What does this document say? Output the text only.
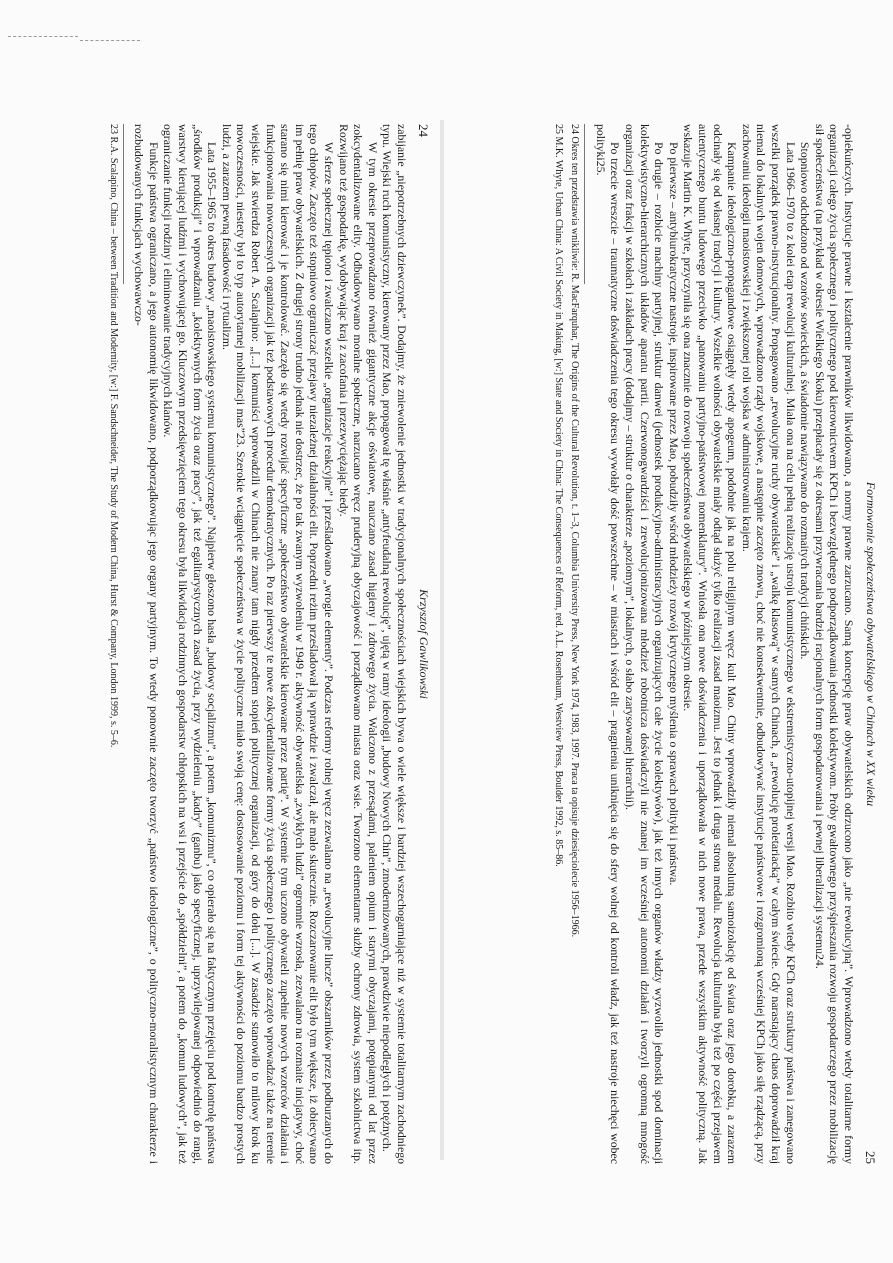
24
Krzysztof Gawlikowski

zabijanie „niepotrzebnych dziewczynek”. Dodajmy, że zniewolenie jednostki w tradycjonalnych społecznościach wiejskich bywa o wiele większe i bardziej wszechogarniające niż w systemie totalitarnym zachodniego typu. Wiejski ruch komunistyczny, kierowany przez Mao, propagował tę właśnie „antyfeudalną rewolucję”, ujętą w ramy ideologii „budowy Nowych Chin”, zmodernizowanych, prawdziwie niepodległych i potężnych.

W tym okresie przeprowadzano również gigantyczne akcje oświatowe, nauczano zasad higieny i zdrowego życia. Walczono z przesądami, paleniem opium i starymi obyczajami, potępianymi od lat przez zokcydentalizowane elity. Odbudowywano moralne społeczne, narzucano wręcz pruderyjną obyczajowość i porządkowano miasta oraz wsie. Tworzono elementarne służby ochrony zdrowia, system szkolnictwa itp. Rozwijano też gospodarkę, wydobywając kraj z zacofania i przezwyciężając biedy.

W sferze społecznej tępiono i zwalczano wszelkie „organizacje reakcyjne” i prześladowano „wrogie elementy”. Podczas reformy rolnej wręcz zezwalano na „rewolucyjne lincze” obszarników przez podburzanych do tego chłopów. Zaczęto też stopniowo ograniczać przejawy niezależnej działalności elit. Poprzedni reżim prześladował ją wprawdzie i zwalczał, ale mało skutecznie. Rozczarowanie elit było tym większe, iż obiecywano im pełnię praw obywatelskich. Z drugiej strony trudno jednak nie dostrzec, że po tak zwanym wyzwoleniu w 1949 r. aktywność obywatelska „zwykłych ludzi” ogromnie wzrosła, zezwalano na rozmaite inicjatywy, choć starano się nimi kierować i je kontrolować. Zaczęło się wtedy rozwijać specyficzne „społeczeństwo obywatelskie kierowane przez partię”. W systemie tym uczono obywateli zupełnie nowych wzorców działania i funkcjonowania nowoczesnych organizacji jak też podstawowych procedur demokratycznych. Po raz pierwszy te nowe zokcydentalizowane formy życia społecznego i politycznego zaczęto wprowadzać także na terenie wiejskie. Jak stwierdza Robert A. Scalapino: „[...] komuniści wprowadzili w Chinach nie znany tam nigdy przedtem stopień politycznej organizacji, od góry do dołu [...]. W zasadzie stanowiło to milowy krok ku nowoczesności, niestety był to typ autorytarnej mobilizacji mas”23. Szerokie wciągnięcie społeczeństwa w życie polityczne miało swoją cenę: dostosowanie poziomu i form tej aktywności do poziomu bardzo prostych ludzi, a zarazem pewną fasadowość i rytualizm.

Lata 1955–1965 to okres budowy „maoistowskiego systemu komunistycznego”. Najpierw głoszono hasła „budowy socjalizmu”, a potem „komunizmu”, co opierało się na faktycznym przejęciu pod kontrolę państwa „środków produkcji” i wprowadzaniu „kolektywnych form życia oraz pracy”, jak też egalitarystycznych zasad życia, przy wydzieleniu „kadry” (ganbu) jako specyficznej, uprzywilejowanej odpowiednio do rangi, warstwy kierującej ludźmi i wychowującej go. Kluczowym przedsięwzięciem tego okresu była likwidacja rodzinnych gospodarstw chłopskich na wsi i przejście do „spółdzielni”, a potem do „komun ludowych”, jak też ograniczanie funkcji rodziny i eliminowanie tradycyjnych klanów.

Funkcje państwa ograniczano, a jego autonomię likwidowano, podporządkowując jego organy partyjnym. To wtedy ponownie zaczęto tworzyć „państwo ideologiczne”, o polityczno-moralistycznym charakterze i rozbudowanych funkcjach wychowawczo-

23 R.A. Scalapino, China – between Tradition and Modernity, [w:] F. Sandschneider, The Study of Modern China, Hurst & Company, London 1999, s. 5–6.	Formowanie społeczeństwa obywatelskiego w Chinach w XX wieku
25

-opiekuńczych. Instytucje prawne i kształcenie prawników likwidowano, a normy prawne zarzucano. Samą koncepcję praw obywatelskich odrzucono jako „nie rewolucyjną”. Wprowadzono wtedy totalitarne formy organizacji całego życia społecznego i politycznego pod kierownictwem KPCh i bezwzględnego podporządkowania jednostki kolektywom. Próby gwałtownego przyśpieszania rozwoju gospodarczego przez mobilizację sił społeczeństwa (na przykład w okresie Wielkiego Skoku) przepłacały się z okresami przywracania bardziej racjonalnych form gospodarowania i pewnej liberalizacji systemu24.

Stopniowo odchodzono od wzorów sowieckich, a świadomie nawiązywano do rozmaitych tradycji chińskich.

Lata 1966–1970 to z kolei etap rewolucji kulturalnej. Miała ona na celu pełną realizację ustroju komunistycznego w ekstremistyczno-utopijnej wersji Mao. Rozbito wtedy KPCh oraz struktury państwa i zanegowano wszelki porządek prawno-instytucjonalny. Propagowano „rewolucyjne ruchy obywatelskie” i „walkę klasową” w samych Chinach, a „rewolucję proletariacką” w całym świecie. Gdy narastający chaos doprowadził kraj niemal do lokalnych wojen domowych, wprowadzono rządy wojskowe, a następnie zaczęto znowu, choć nie konsekwentnie, odbudowywać instytucje państwowe i rozgromioną wcześniej KPCh jako siłę rządzącą, przy zachowaniu ideologii maoistowskiej i zwiększonej roli wojska w administrowaniu krajem.

Kampanie ideologiczno-propagandowe osiągnęły wtedy apogeum, podobnie jak na polu religijnym wręcz kult Mao. Chiny wprowadziły niemal absolutną samoizolację od świata oraz jego dorobku, a zarazem odcinały się od własnej tradycji i kultury. Wszelkie wolności obywatelskie miały odtąd służyć tylko realizacji zasad maoizmu. Jest to jednak i druga strona medalu. Rewolucja kulturalna była też po części przejawem autentycznego buntu ludowego przeciwko „panowaniu partyjno-państwowej nomenklatury”. Wniosła ona nowe doświadczenia i uporządkowała w nich nowe prawa, przede wszystkim aktywność polityczną. Jak wskazuje Martin K. Whyte, przyczyniła się ona znacznie do rozwoju społeczeństwa obywatelskiego w późniejszym okresie.

Po pierwsze – antybiurokratyczne nastroje, inspirowane przez Mao, pobudziły wśród młodzieży rozwój krytycznego myślenia o sprawach polityki i państwa.

Po drugie – rozbicie machiny partyjnej, struktur danwei (jednostek produkcyjno-administracyjnych organizujących całe życie kolektywów), jak też innych organów władzy wyzwoliło jednostki spod dominacji kolektywistyczno-hierarchicznych układów aparatu partii. Czerwonogwardziści i zrewolucjonizowana młodzież robotnicza doświadczyli nie znanej im wcześniej autonomii działań i tworzyli ogromną mnogość organizacji oraz frakcji w szkołach i zakładach pracy (dodajmy – struktur o charakterze „poziomym”, lokalnych, o słabo zarysowanej hierarchii).

Po trzecie wreszcie – traumatyczne doświadczenia tego okresu wywołały dość powszechne – w miastach i wśród elit – pragnienia uniknięcia się do sfery wolnej od kontroli władz, jak też nastroje niechęci wobec polityki25.

24 Okres ten przedstawia wnikliwie: R. MacFarquhar, The Origins of the Cultural Revolution, t. 1–3, Columbia University Press, New York 1974, 1983, 1997. Praca ta opisuje dziesięciolecie 1956–1966.
25 M.K. Whyte, Urban China: A Civil Society in Making, [w:] State and Society in China: The Consequences of Reform, red. A.L. Rosenbaum, Westview Press, Boulder 1992, s. 85–86.
